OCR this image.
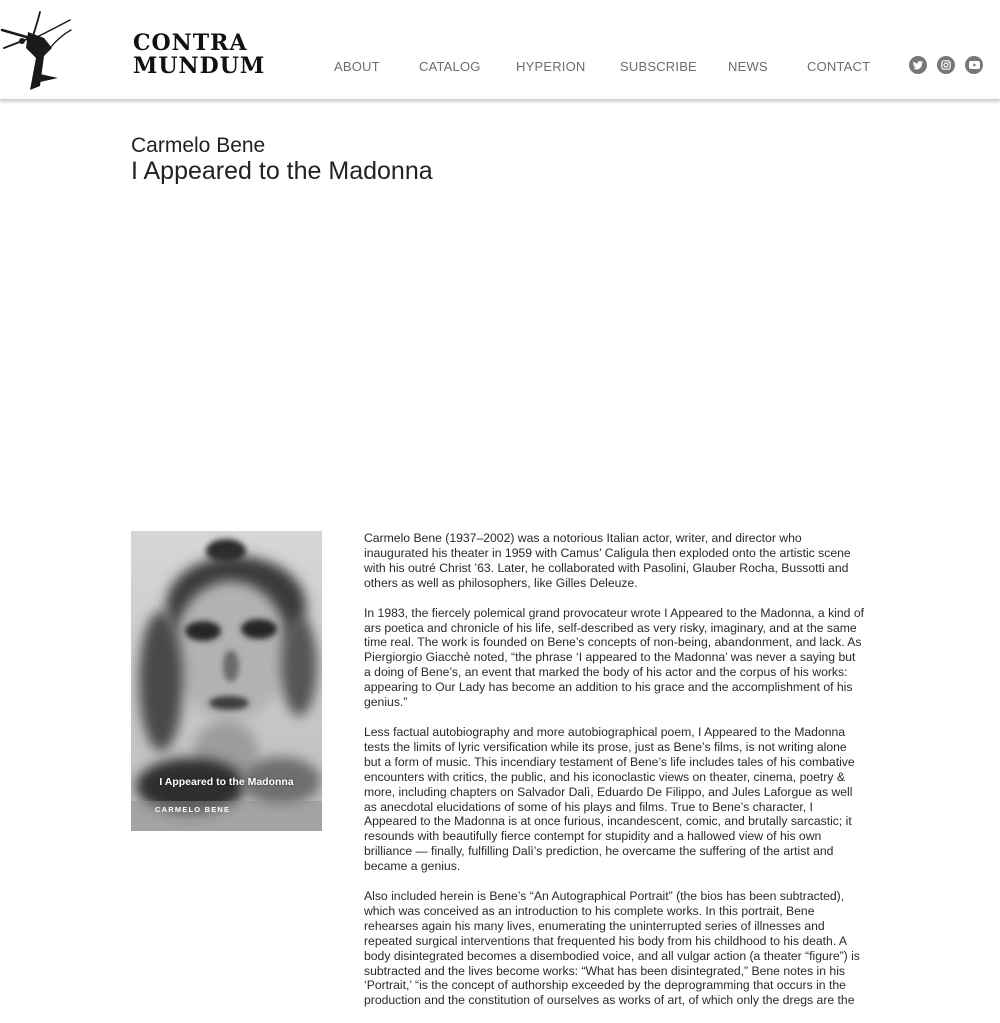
CONTRA
MUNDUM	ABOUT	CATALOG	HYPERION	SUBSCRIBE NEWS	CONTACT
Carmelo Bene
I Appeared to the Madonna
I Appeared to the Madonna
CARMELO BENE

Carmelo Bene (1937–2002) was a notorious Italian actor, writer, and director who inaugurated his theater in 1959 with Camus’ Caligula then exploded onto the artistic scene with his outré Christ ’63. Later, he collaborated with Pasolini, Glauber Rocha, Bussotti and others as well as philosophers, like Gilles Deleuze.

In 1983, the fiercely polemical grand provocateur wrote I Appeared to the Madonna, a kind of ars poetica and chronicle of his life, self-described as very risky, imaginary, and at the same time real. The work is founded on Bene’s concepts of non-being, abandonment, and lack. As Piergiorgio Giacchè noted, “the phrase ‘I appeared to the Madonna’ was never a saying but a doing of Bene’s, an event that marked the body of his actor and the corpus of his works: appearing to Our Lady has become an addition to his grace and the accomplishment of his genius.”

Less factual autobiography and more autobiographical poem, I Appeared to the Madonna tests the limits of lyric versification while its prose, just as Bene’s films, is not writing alone but a form of music. This incendiary testament of Bene’s life includes tales of his combative encounters with critics, the public, and his iconoclastic views on theater, cinema, poetry & more, including chapters on Salvador Dalì, Eduardo De Filippo, and Jules Laforgue as well as anecdotal elucidations of some of his plays and films. True to Bene’s character, I Appeared to the Madonna is at once furious, incandescent, comic, and brutally sarcastic; it resounds with beautifully fierce contempt for stupidity and a hallowed view of his own brilliance — finally, fulfilling Dalì’s prediction, he overcame the suffering of the artist and became a genius.

Also included herein is Bene’s “An Autographical Portrait” (the bios has been subtracted), which was conceived as an introduction to his complete works. In this portrait, Bene rehearses again his many lives, enumerating the uninterrupted series of illnesses and repeated surgical interventions that frequented his body from his childhood to his death. A body disintegrated becomes a disembodied voice, and all vulgar action (a theater “figure”) is subtracted and the lives become works: “What has been disintegrated,” Bene notes in his ‘Portrait,’ “is the concept of authorship exceeded by the deprogramming that occurs in the production and the constitution of ourselves as works of art, of which only the dregs are the
